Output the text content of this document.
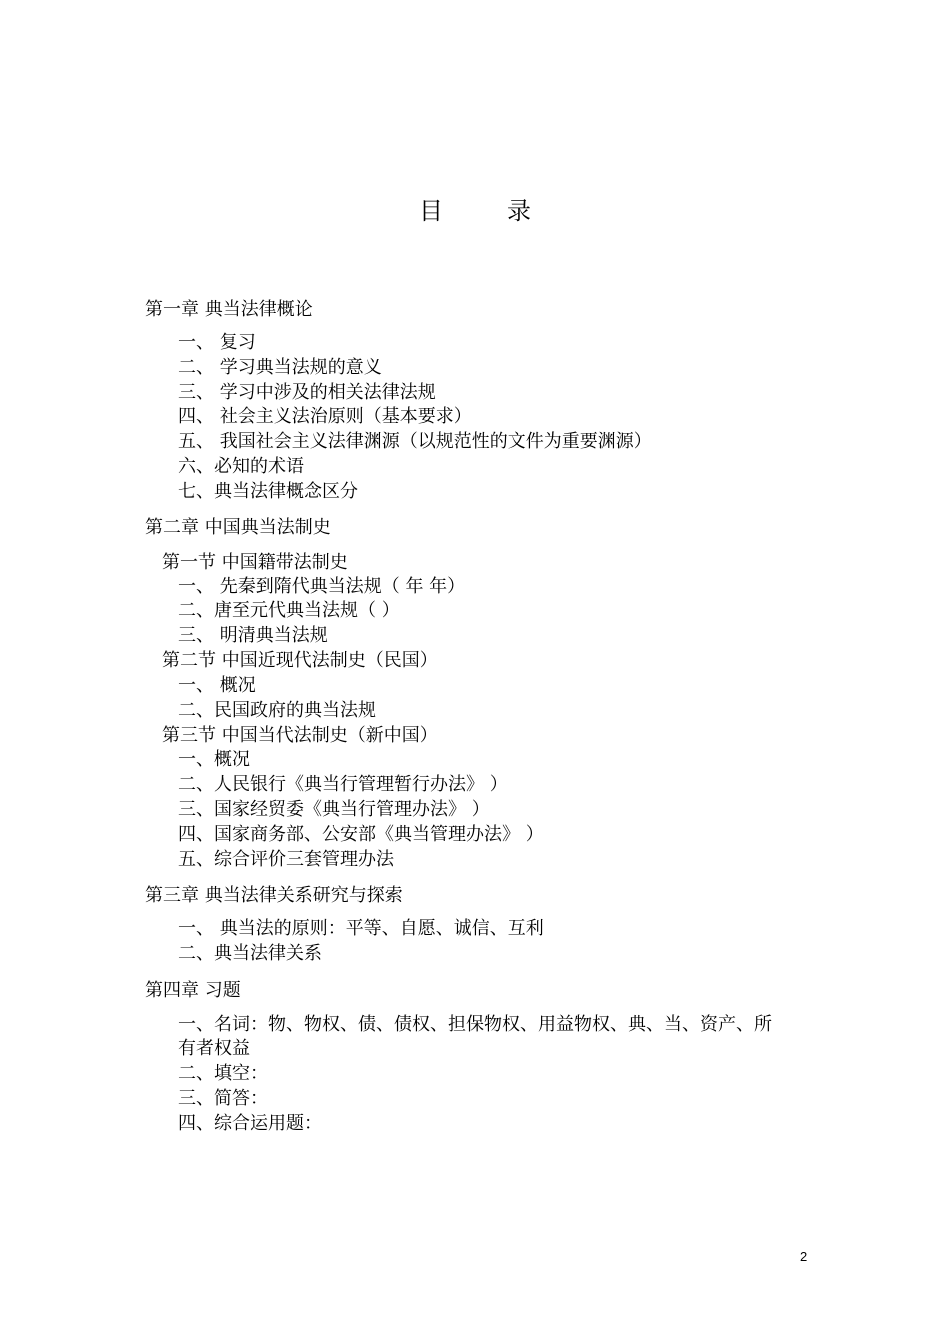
目　录
第一章 典当法律概论
一、 复习
二、 学习典当法规的意义
三、 学习中涉及的相关法律法规
四、 社会主义法治原则（基本要求）
五、 我国社会主义法律渊源（以规范性的文件为重要渊源）
六、必知的术语
七、典当法律概念区分
第二章 中国典当法制史
第一节 中国籍带法制史
一、 先秦到隋代典当法规（ 年 年）
二、唐至元代典当法规（ ）
三、 明清典当法规
第二节 中国近现代法制史（民国）
一、 概况
二、民国政府的典当法规
第三节 中国当代法制史（新中国）
一、概况
二、人民银行《典当行管理暂行办法》 ）
三、国家经贸委《典当行管理办法》 ）
四、国家商务部、公安部《典当管理办法》 ）
五、综合评价三套管理办法
第三章 典当法律关系研究与探索
一、 典当法的原则：平等、自愿、诚信、互利
二、典当法律关系
第四章 习题
一、名词：物、物权、债、债权、担保物权、用益物权、典、当、资产、所
有者权益
二、填空：
三、简答：
四、综合运用题：
2
